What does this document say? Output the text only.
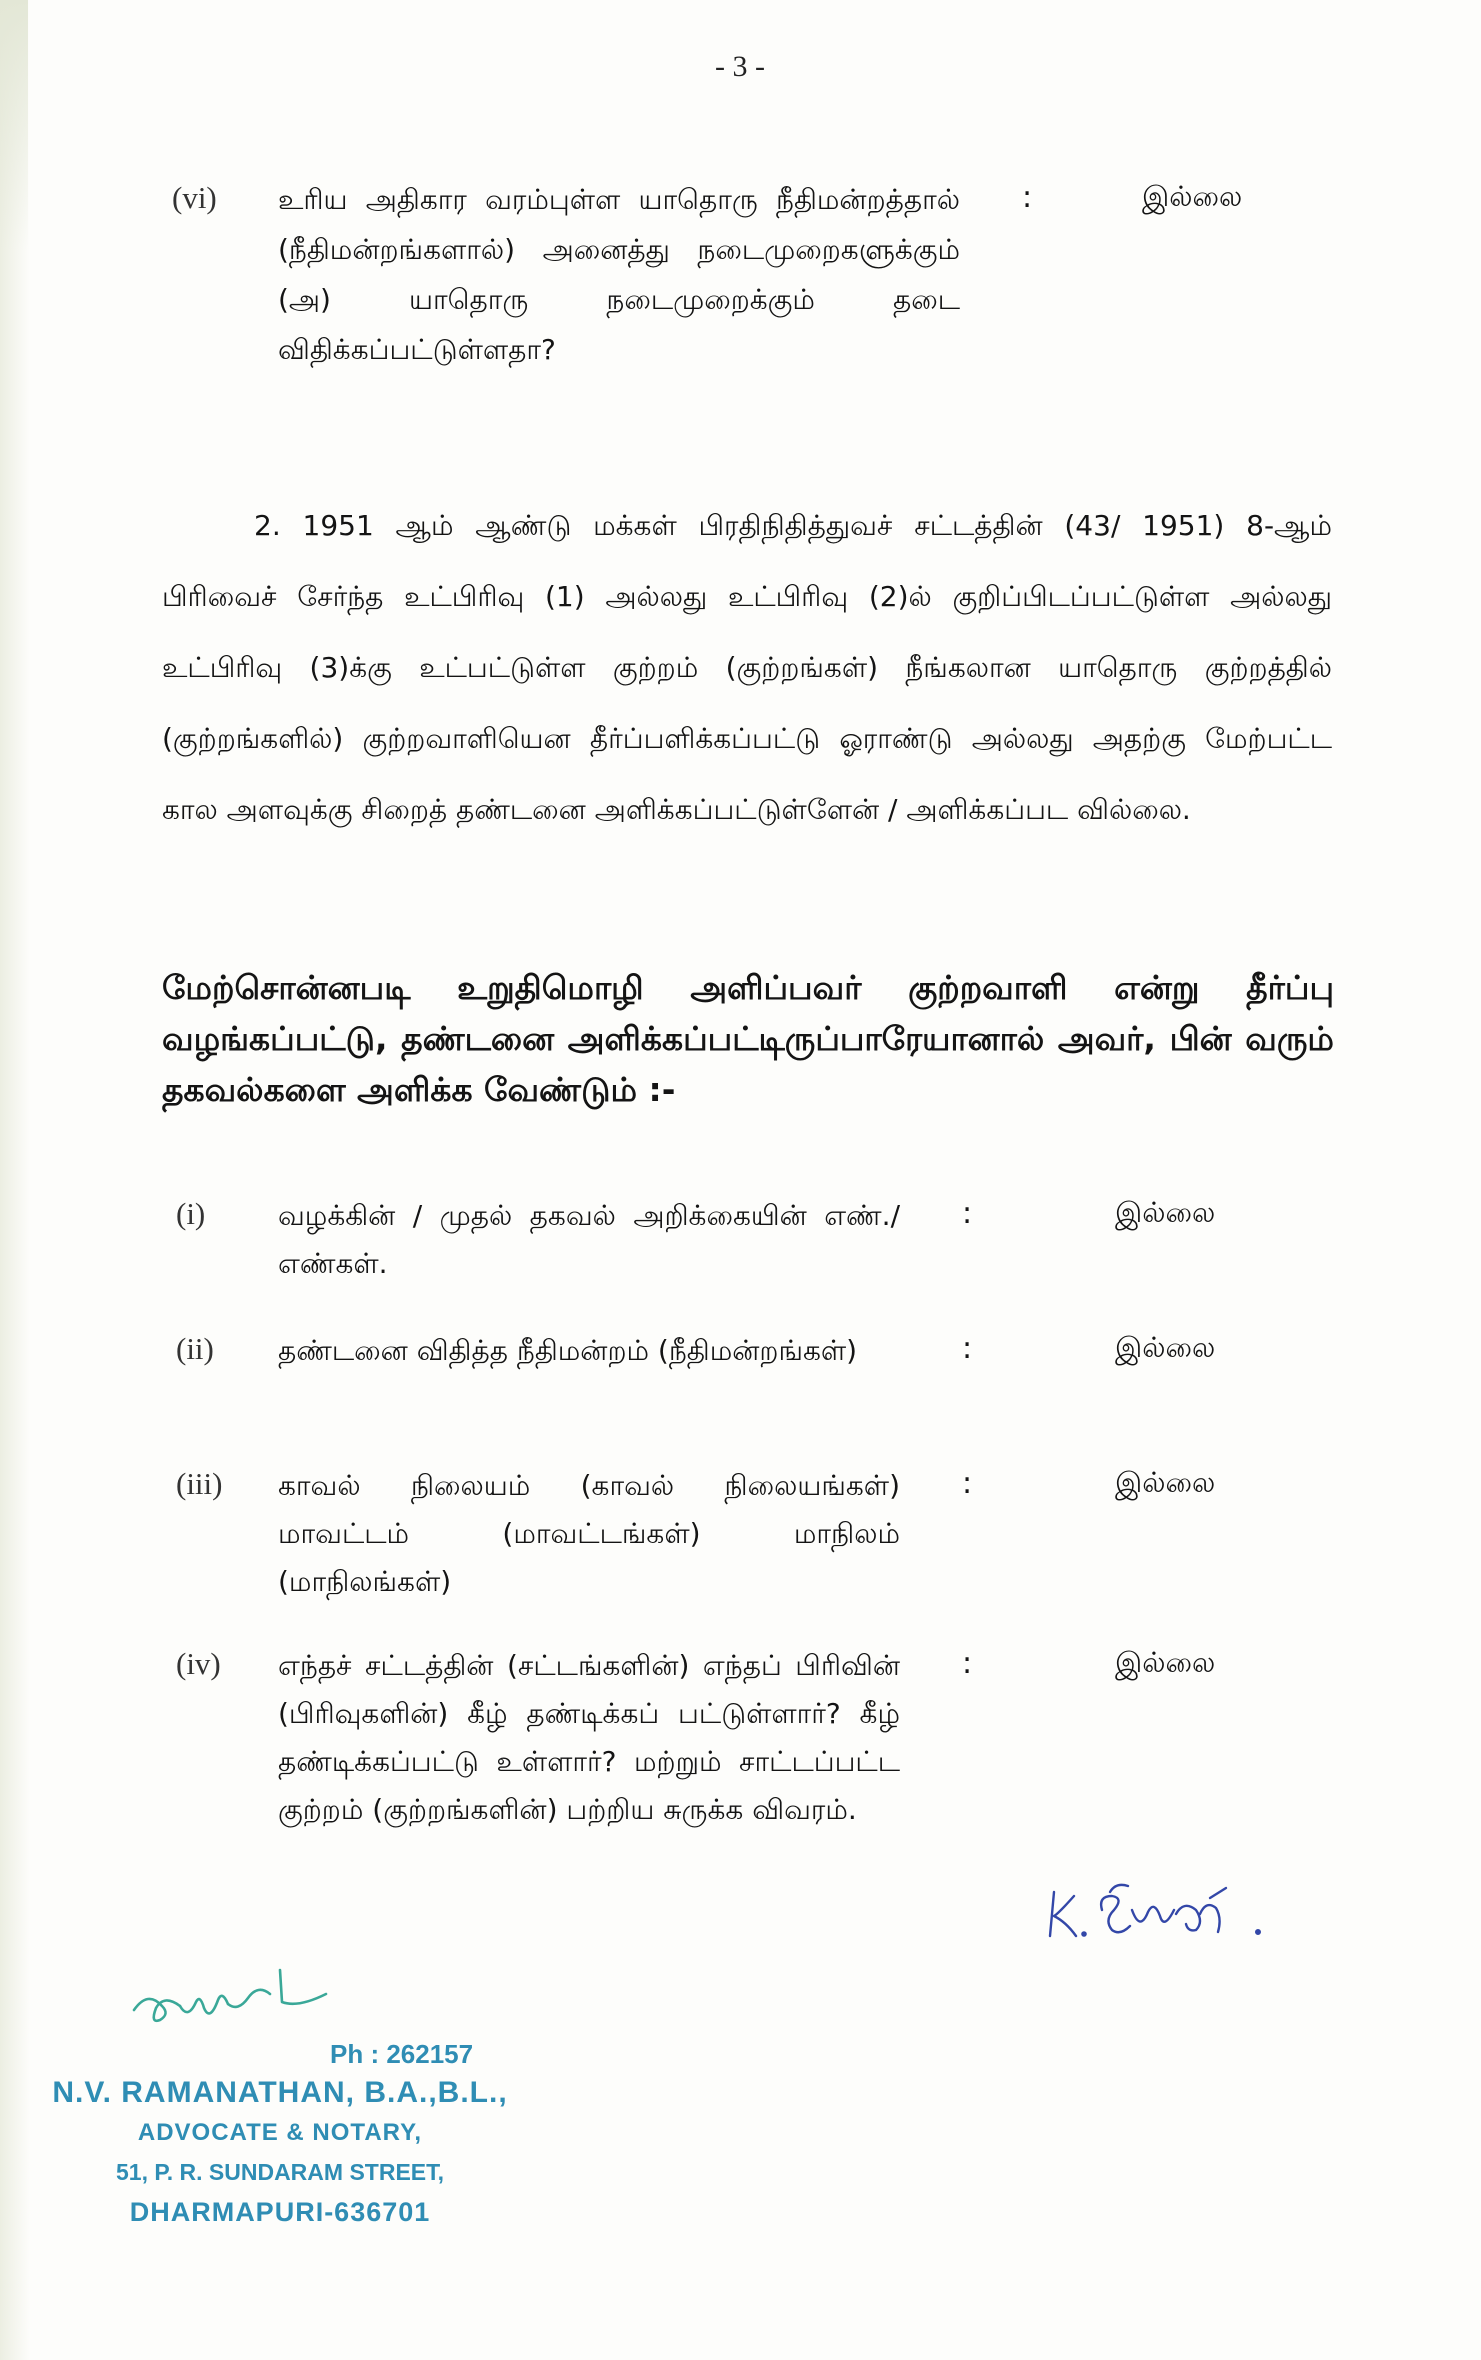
- 3 -
(vi) உரிய அதிகார வரம்புள்ள யாதொரு நீதிமன்றத்தால் (நீதிமன்றங்களால்) அனைத்து நடைமுறைகளுக்கும் (அ) யாதொரு நடைமுறைக்கும் தடை விதிக்கப்பட்டுள்ளதா?
:	இல்லை
2. 1951 ஆம் ஆண்டு மக்கள் பிரதிநிதித்துவச் சட்டத்தின் (43/ 1951) 8-ஆம் பிரிவைச் சேர்ந்த உட்பிரிவு (1) அல்லது உட்பிரிவு (2)ல் குறிப்பிடப்பட்டுள்ள அல்லது உட்பிரிவு (3)க்கு உட்பட்டுள்ள குற்றம் (குற்றங்கள்) நீங்கலான யாதொரு குற்றத்தில் (குற்றங்களில்) குற்றவாளியென தீர்ப்பளிக்கப்பட்டு ஓராண்டு அல்லது அதற்கு மேற்பட்ட கால அளவுக்கு சிறைத் தண்டனை அளிக்கப்பட்டுள்ளேன் / அளிக்கப்பட வில்லை.
மேற்சொன்னபடி உறுதிமொழி அளிப்பவர் குற்றவாளி என்று தீர்ப்பு வழங்கப்பட்டு, தண்டனை அளிக்கப்பட்டிருப்பாரேயானால் அவர், பின் வரும் தகவல்களை அளிக்க வேண்டும் :-
(i)	வழக்கின் / முதல் தகவல் அறிக்கையின் எண்./ எண்கள்.
:	இல்லை
(ii) தண்டனை விதித்த நீதிமன்றம் (நீதிமன்றங்கள்)	:	இல்லை
(iii) காவல் நிலையம் (காவல் நிலையங்கள்) மாவட்டம் (மாவட்டங்கள்) மாநிலம் (மாநிலங்கள்)
:	இல்லை
(iv) எந்தச் சட்டத்தின் (சட்டங்களின்) எந்தப் பிரிவின் (பிரிவுகளின்) கீழ் தண்டிக்கப் பட்டுள்ளார்? கீழ் தண்டிக்கப்பட்டு உள்ளார்? மற்றும் சாட்டப்பட்ட குற்றம் (குற்றங்களின்) பற்றிய சுருக்க விவரம்.
:	இல்லை
Ph : 262157
N.V. RAMANATHAN, B.A.,B.L.,
ADVOCATE & NOTARY,
51, P. R. SUNDARAM STREET,
DHARMAPURI-636701
